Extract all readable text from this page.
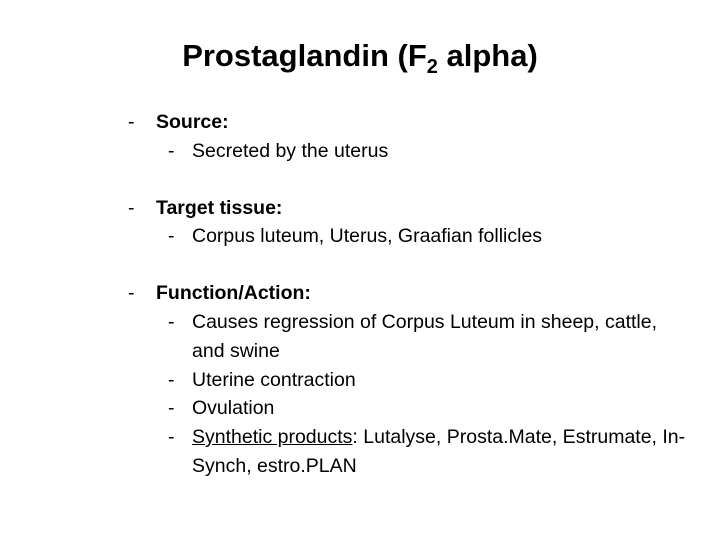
Prostaglandin ($F_2$ alpha)
- Source:
- Secreted by the uterus
- Target tissue:
- Corpus luteum, Uterus, Graafian follicles
- Function/Action:
- Causes regression of Corpus Luteum in sheep, cattle, and swine
- Uterine contraction
- Ovulation
- Synthetic products: Lutalyse, Prosta.Mate, Estrumate, In-Synch, estro.PLAN
